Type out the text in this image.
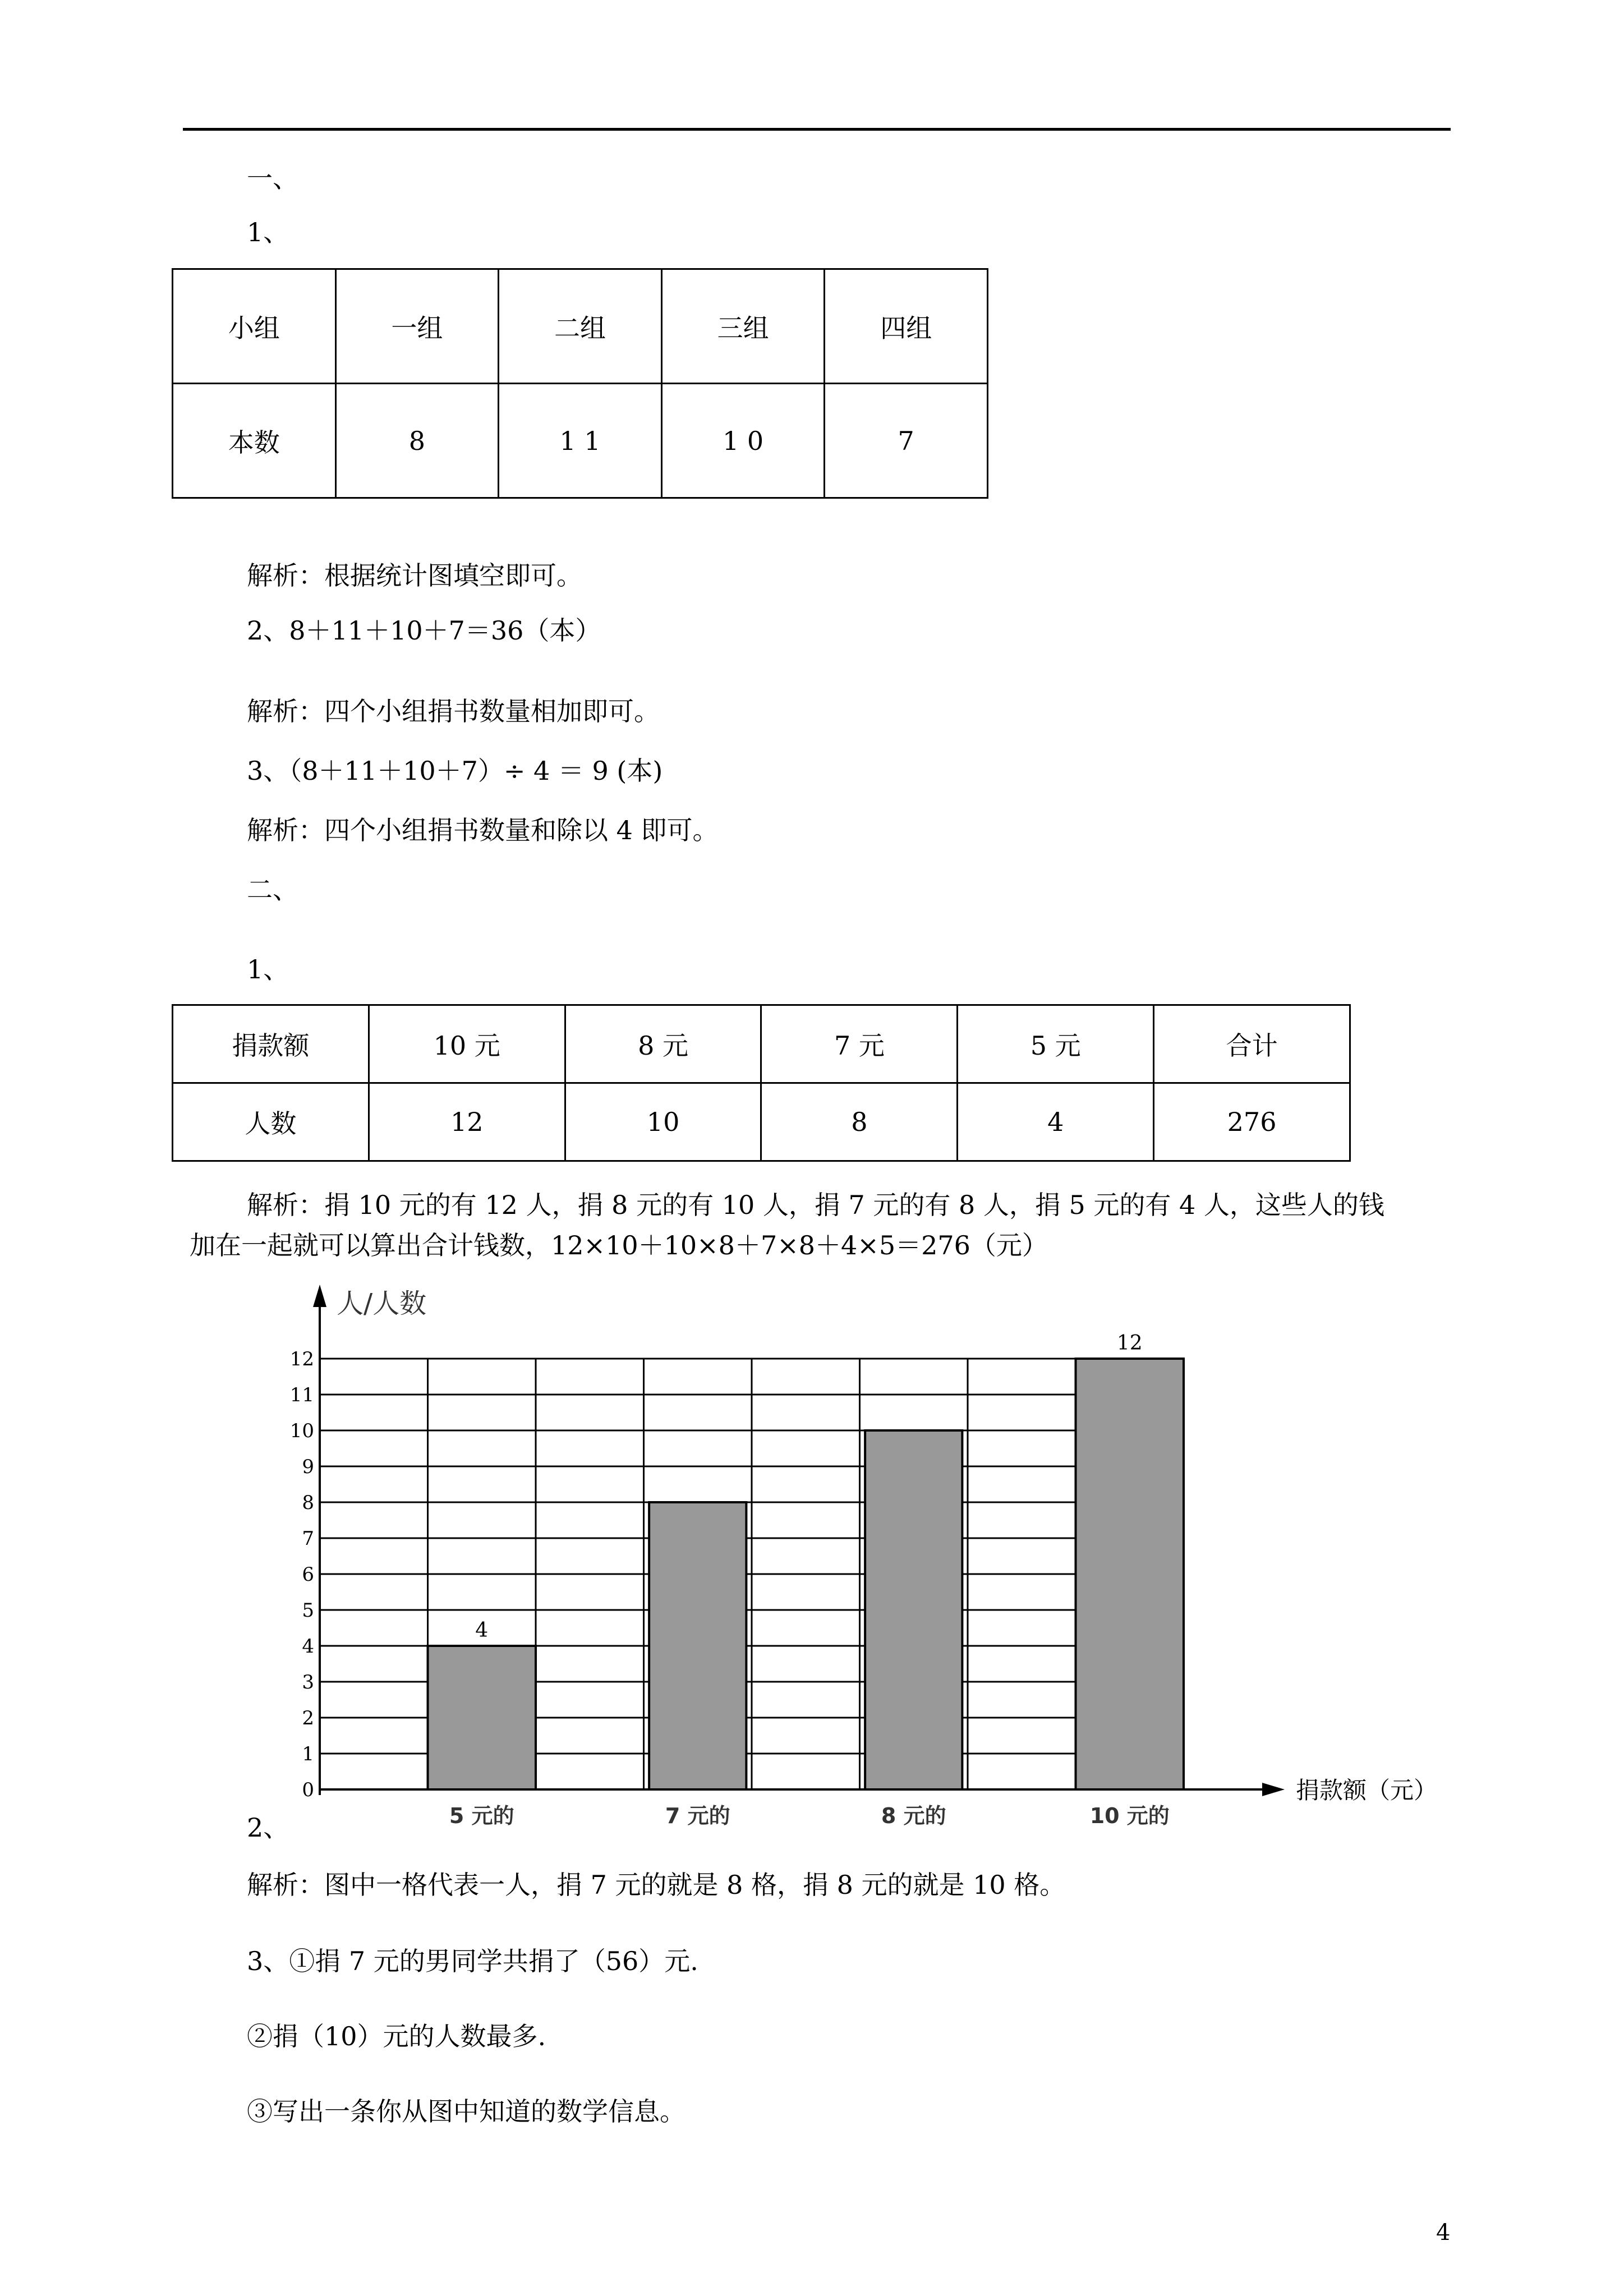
一、
1、
小组	一组	二组	三组	四组
本数	8	1 1	1 0	7
解析：根据统计图填空即可。
2、8＋11＋10＋7＝36（本）
解析：四个小组捐书数量相加即可。
3、（8＋11＋10＋7）÷ 4 ＝ 9 (本)
解析：四个小组捐书数量和除以 4 即可。
二、
1、
捐款额	10 元	8 元	7 元	5 元	合计
人数	12	10	8	4	276
解析：捐 10 元的有 12 人，捐 8 元的有 10 人，捐 7 元的有 8 人，捐 5 元的有 4 人，这些人的钱
加在一起就可以算出合计钱数，12×10＋10×8＋7×8＋4×5＝276（元）
0
1
2
3
4
5
6
7
8
9
10
11
12
人/人数
捐款额（元）
5 元的	7 元的	8 元的	10 元的
4
12
2、
解析：图中一格代表一人，捐 7 元的就是 8 格，捐 8 元的就是 10 格。
3、①捐 7 元的男同学共捐了（56）元.
②捐（10）元的人数最多.
③写出一条你从图中知道的数学信息。
4
